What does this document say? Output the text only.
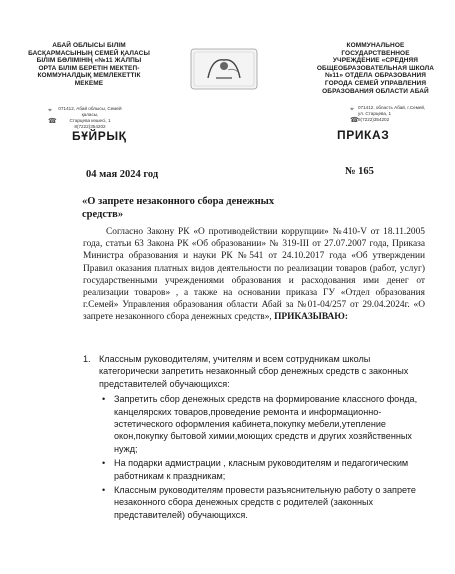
АБАЙ ОБЛЫСЫ БІЛІМ
БАСҚАРМАСЫНЫҢ СЕМЕЙ ҚАЛАСЫ
БІЛІМ БӨЛІМІНІҢ «№11 ЖАЛПЫ
ОРТА БІЛІМ БЕРЕТІН МЕКТЕП-
КОММУНАЛДЫҚ МЕМЛЕКЕТТІК
МЕКЕМЕ
КОММУНАЛЬНОЕ
ГОСУДАРСТВЕННОЕ
УЧРЕЖДЕНИЕ «СРЕДНЯЯ
ОБЩЕОБРАЗОВАТЕЛЬНАЯ ШКОЛА
№11» ОТДЕЛА ОБРАЗОВАНИЯ
ГОРОДА СЕМЕЙ УПРАВЛЕНИЯ
ОБРАЗОВАНИЯ ОБЛАСТИ АБАЙ
⌖
☎
071412, Абай облысы, Семей қаласы,
Старцева көшесі, 1
8(7222)354202
⌖
☎
071412, область Абай, г.Семей,
ул. Старцева, 1
8(7222)354202
БҰЙРЫҚ	ПРИКАЗ
04 мая 2024 год	№ 165
«О запрете незаконного сбора денежных средств»

Согласно Закону РК «О противодействии коррупции» №410-V от 18.11.2005 года, статьи 63 Закона РК «Об образовании» № 319-III от 27.07.2007 года, Приказа Министра образования и науки РК №541 от 24.10.2017 года «Об утверждении Правил оказания платных видов деятельности по реализации товаров (работ, услуг) государственными учреждениями образования и расходования ими денег от реализации товаров» , а также на основании приказа ГУ «Отдел образования г.Семей» Управления образования области Абай за №01-04/257 от 29.04.2024г. «О запрете незаконного сбора денежных средств», ПРИКАЗЫВАЮ:

1. Классным руководителям, учителям и всем сотрудникам школы категорически запретить незаконный сбор денежных средств с законных представителей обучающихся:
• Запретить сбор денежных средств на формирование классного фонда, канцелярских товаров,проведение ремонта и информационно-эстетического оформления кабинета,покупку мебели,утепление окон,покупку бытовой химии,моющих средств и других хозяйственных нужд;
• На подарки адмистрации , класным руководителям и педагогическим работникам к праздникам;
• Классным руководителям провести разъяснительную работу о запрете незаконного сбора денежных средств с родителей (законных представителей) обучающихся.
